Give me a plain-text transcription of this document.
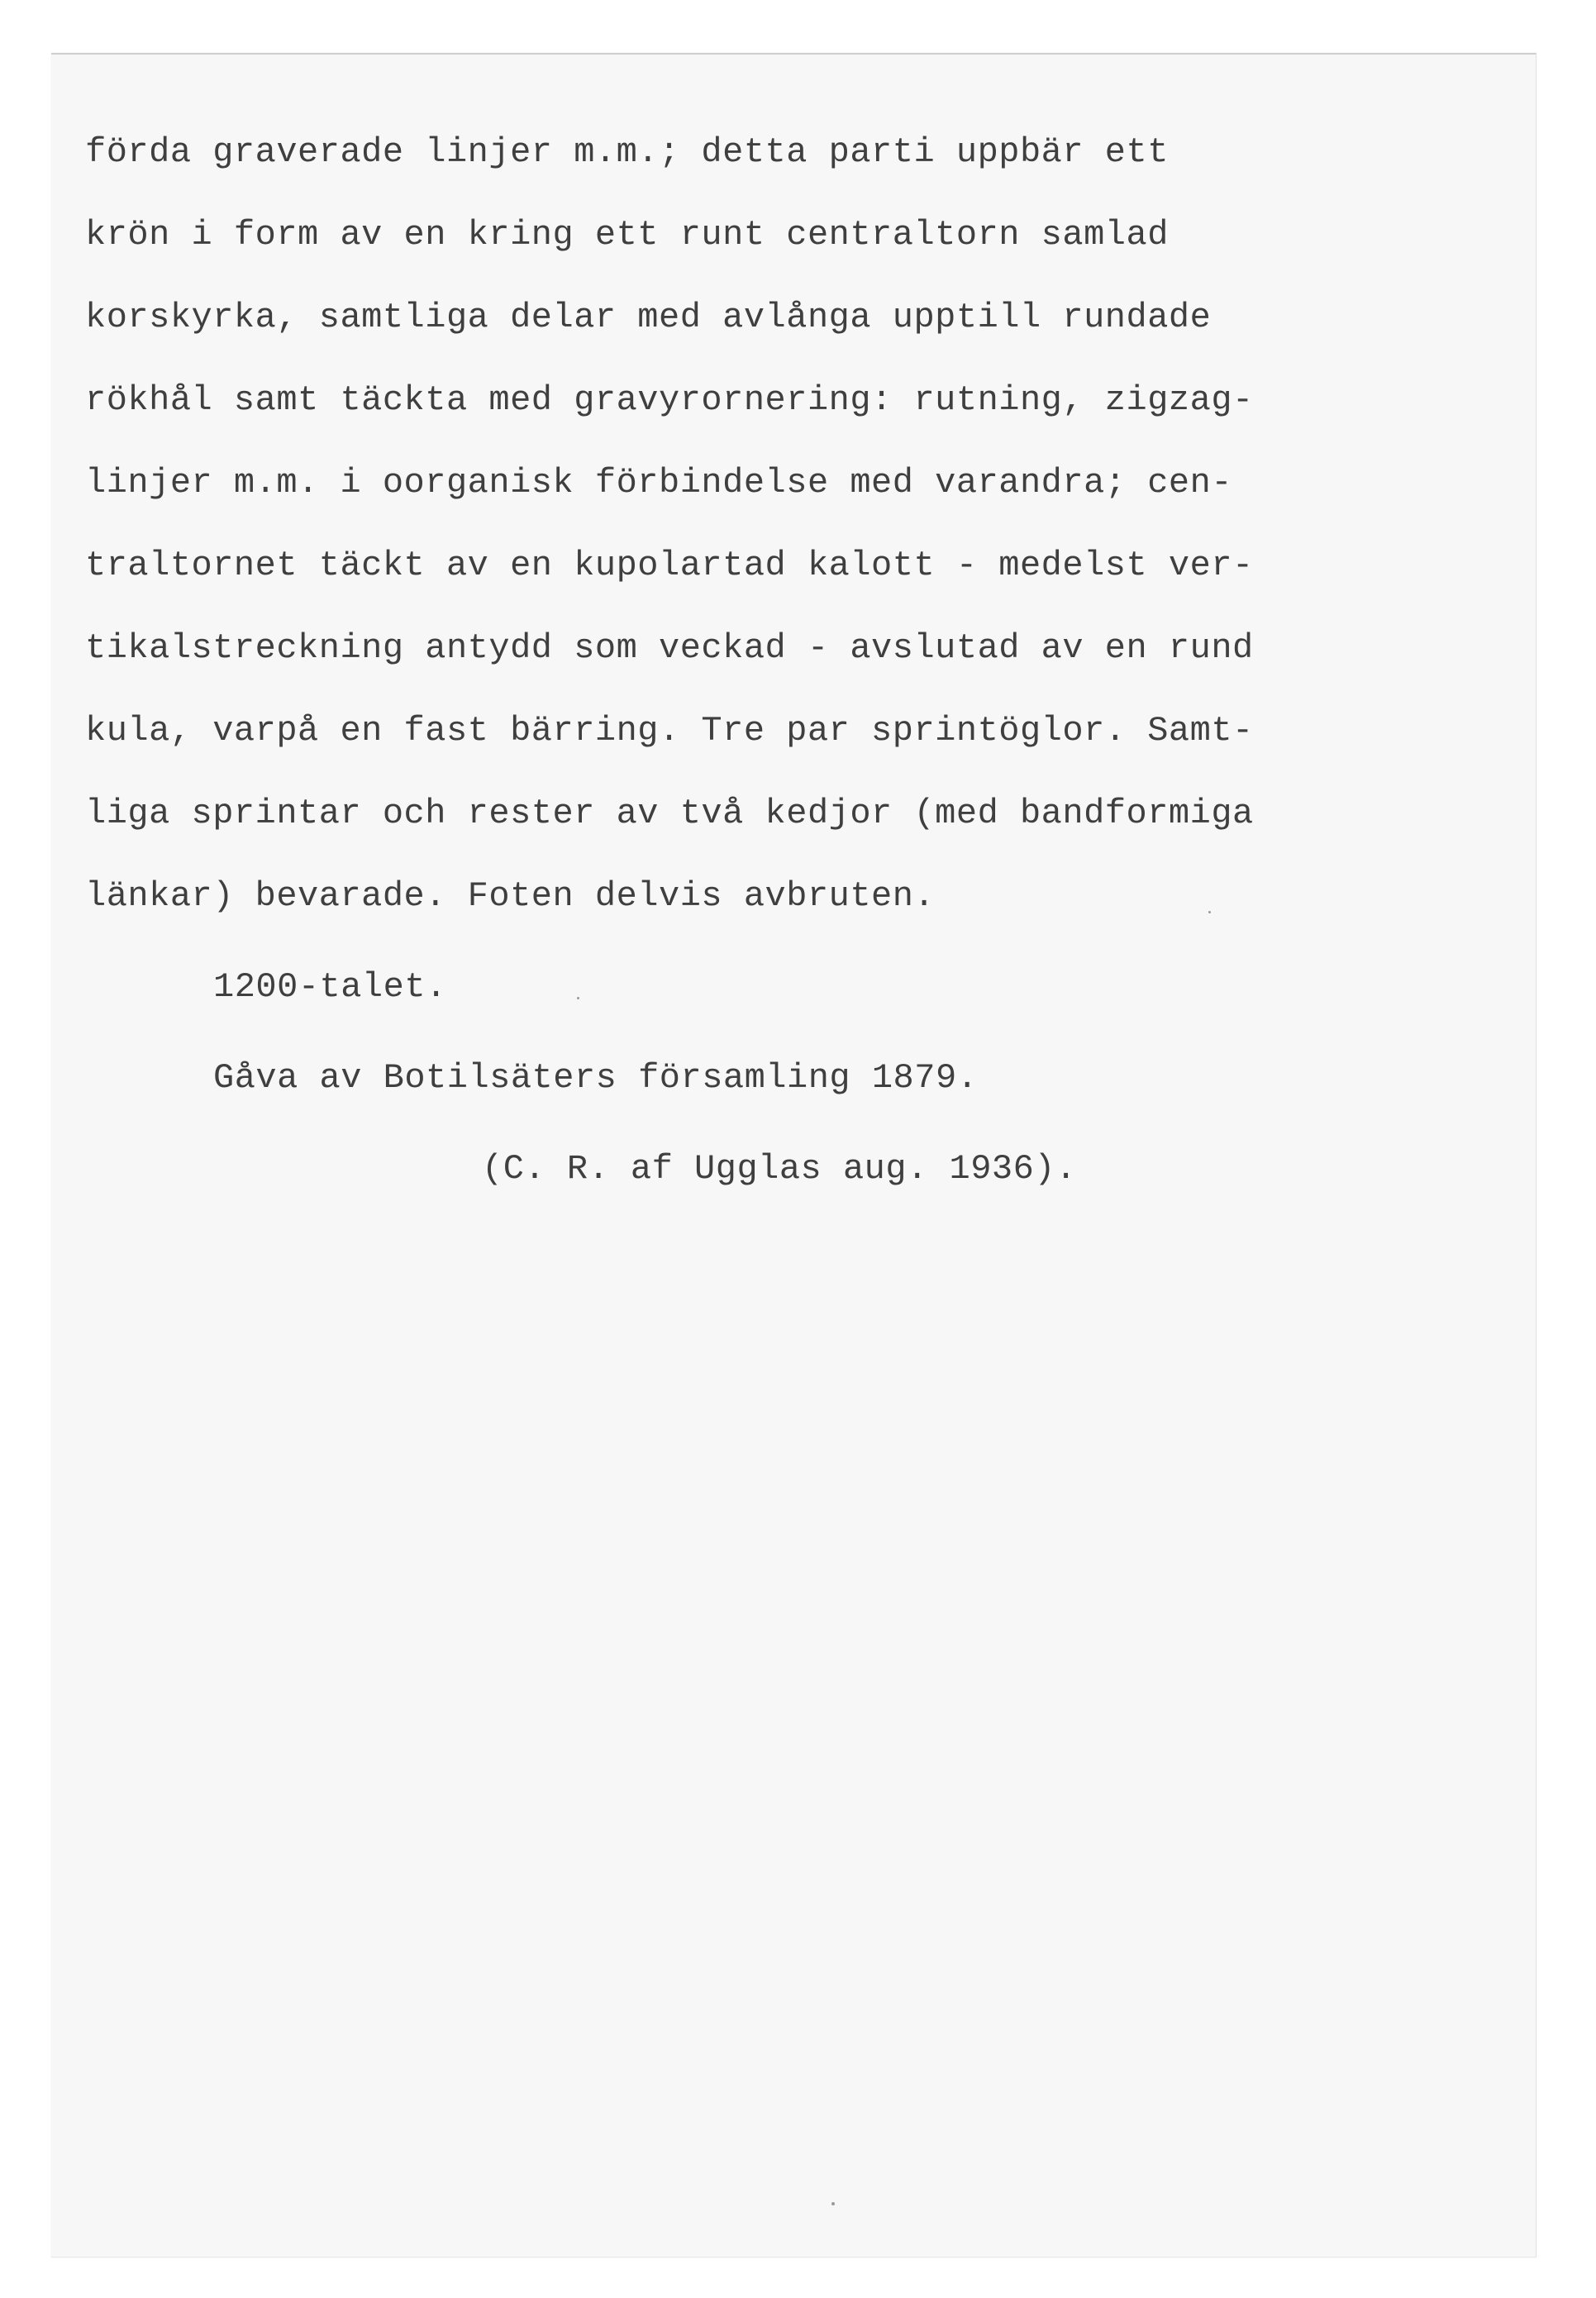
förda graverade linjer m.m.; detta parti uppbär ett

krön i form av en kring ett runt centraltorn samlad

korskyrka, samtliga delar med avlånga upptill rundade

rökhål samt täckta med gravyrornering: rutning, zigzag-

linjer m.m. i oorganisk förbindelse med varandra; cen-

traltornet täckt av en kupolartad kalott - medelst ver-

tikalstreckning antydd som veckad - avslutad av en rund

kula, varpå en fast bärring. Tre par sprintöglor. Samt-

liga sprintar och rester av två kedjor (med bandformiga

länkar) bevarade. Foten delvis avbruten.

1200-talet.

Gåva av Botilsäters församling 1879.

(C. R. af Ugglas aug. 1936).
